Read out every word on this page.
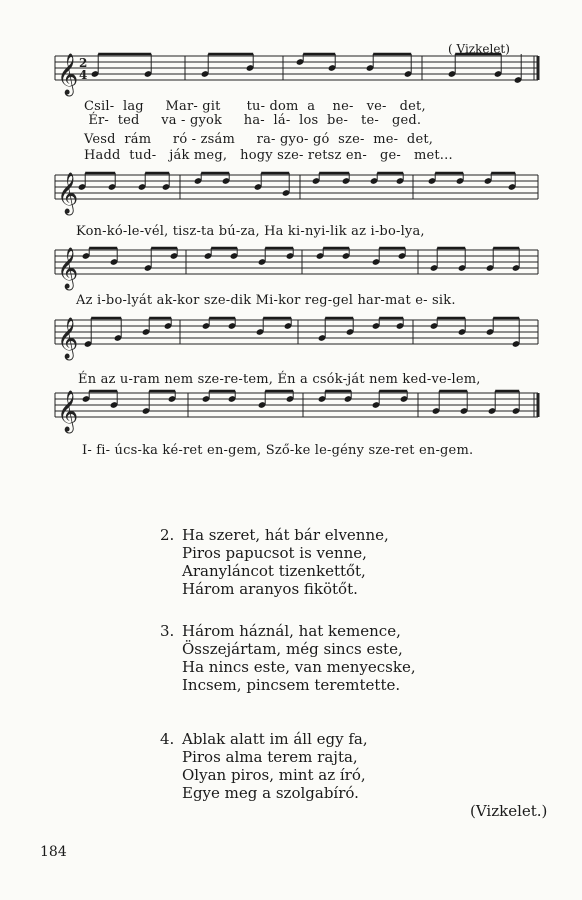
𝄞 2
4
𝄞
𝄞
𝄞
𝄞
( Vizkelet)
Csil-  lag     Mar- git      tu- dom  a    ne-   ve-   det,
Ér-  ted     va - gyok     ha-  lá-  los  be-   te-   ged.
Vesd  rám     ró - zsám     ra- gyo- gó  sze-  me-  det,
Hadd  tud-   ják meg,   hogy sze- retsz en-   ge-   met...
Kon-kó-le-vél, tisz-ta bú-za, Ha ki-nyi-lik az i-bo-lya,
Az i-bo-lyát ak-kor sze-dik Mi-kor reg-gel har-mat e- sik.
Én az u-ram nem sze-re-tem, Én a csók-ját nem ked-ve-lem,
I- fi- úcs-ka ké-ret en-gem, Sző-ke le-gény sze-ret en-gem.
2. Ha szeret, hát bár elvenne,
Piros papucsot is venne,
Aranyláncot tizenkettőt,
Három aranyos fikötőt.
3. Három háznál, hat kemence,
Összejártam, még sincs este,
Ha nincs este, van menyecske,
Incsem, pincsem teremtette.
4. Ablak alatt im áll egy fa,
Piros alma terem rajta,
Olyan piros, mint az író,
Egye meg a szolgabíró.
(Vizkelet.)
184
